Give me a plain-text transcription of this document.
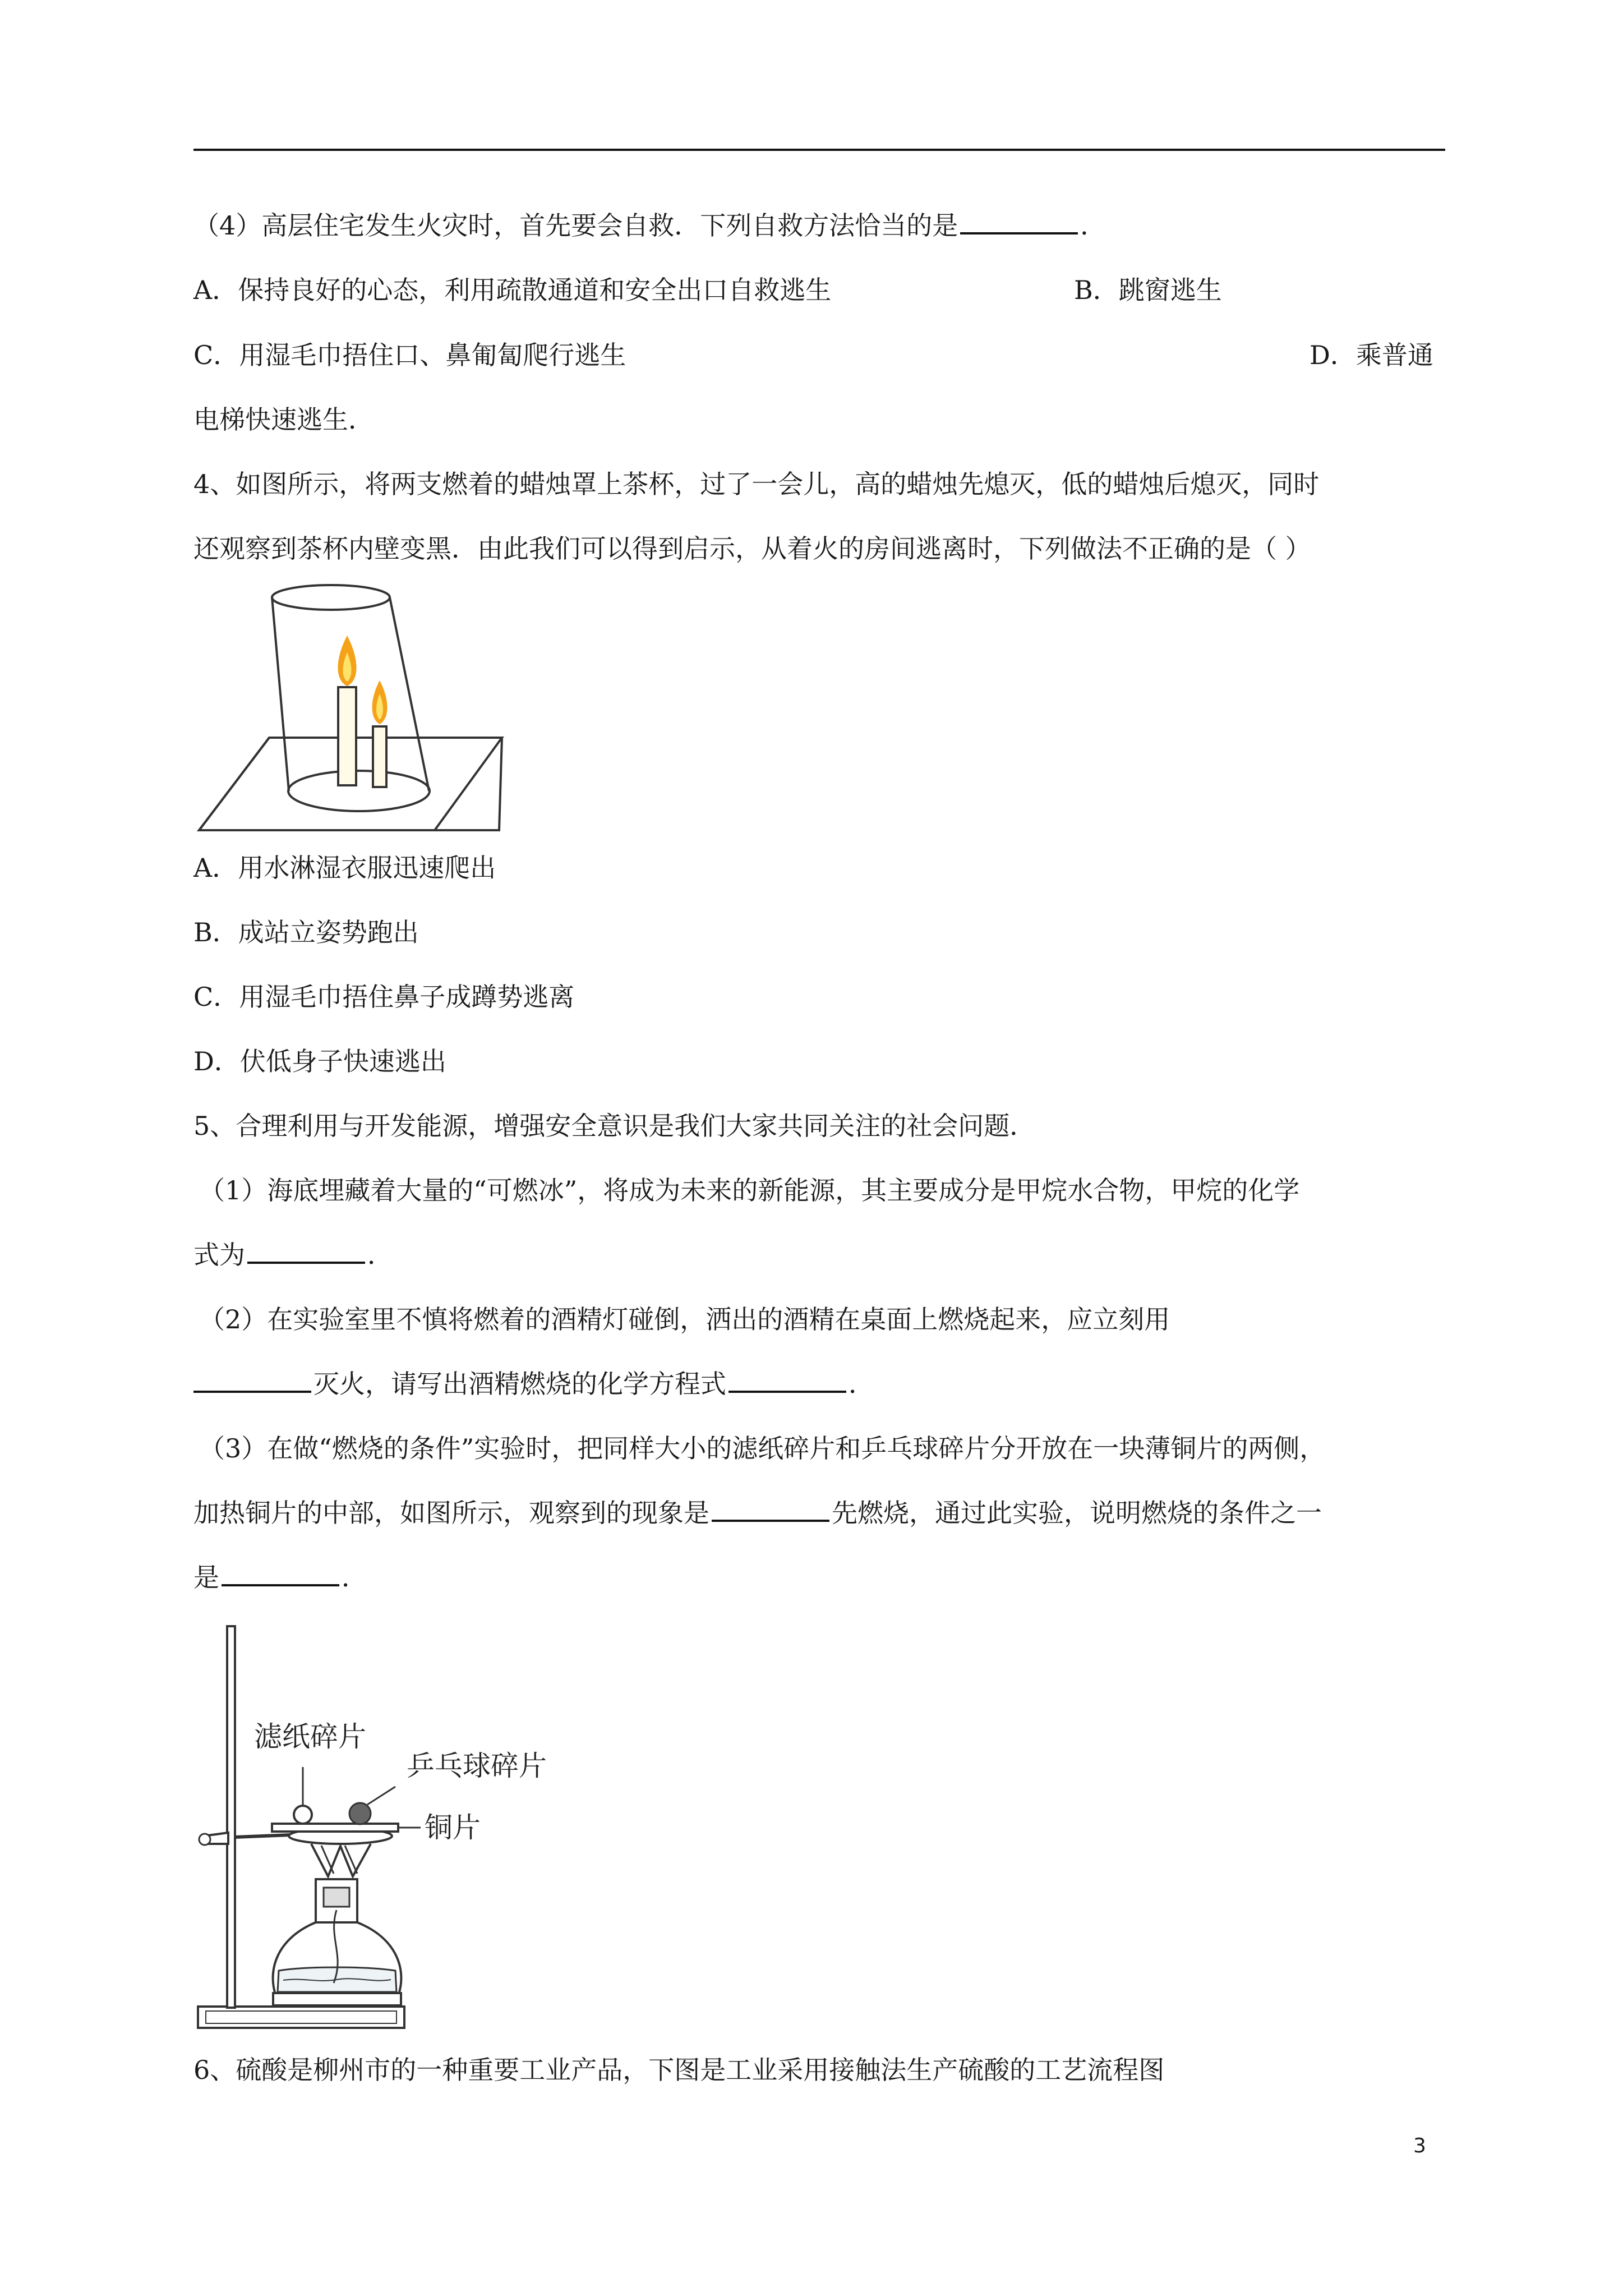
（4）高层住宅发生火灾时，首先要会自救．下列自救方法恰当的是	．
A．保持良好的心态，利用疏散通道和安全出口自救逃生	B．跳窗逃生
C．用湿毛巾捂住口、鼻匍匐爬行逃生	D．乘普通
电梯快速逃生．
4、如图所示，将两支燃着的蜡烛罩上茶杯，过了一会儿，高的蜡烛先熄灭，低的蜡烛后熄灭，同时
还观察到茶杯内壁变黑．由此我们可以得到启示，从着火的房间逃离时，下列做法不正确的是（ ）
A．用水淋湿衣服迅速爬出
B．成站立姿势跑出
C．用湿毛巾捂住鼻子成蹲势逃离
D．伏低身子快速逃出
5、合理利用与开发能源，增强安全意识是我们大家共同关注的社会问题．
（1）海底埋藏着大量的“可燃冰”，将成为未来的新能源，其主要成分是甲烷水合物，甲烷的化学
式为	．
（2）在实验室里不慎将燃着的酒精灯碰倒，洒出的酒精在桌面上燃烧起来，应立刻用
灭火，请写出酒精燃烧的化学方程式	．
（3）在做“燃烧的条件”实验时，把同样大小的滤纸碎片和乒乓球碎片分开放在一块薄铜片的两侧，
加热铜片的中部，如图所示，观察到的现象是	先燃烧，通过此实验，说明燃烧的条件之一
是	．
滤纸碎片
乒乓球碎片
铜片
6、硫酸是柳州市的一种重要工业产品，下图是工业采用接触法生产硫酸的工艺流程图
3
